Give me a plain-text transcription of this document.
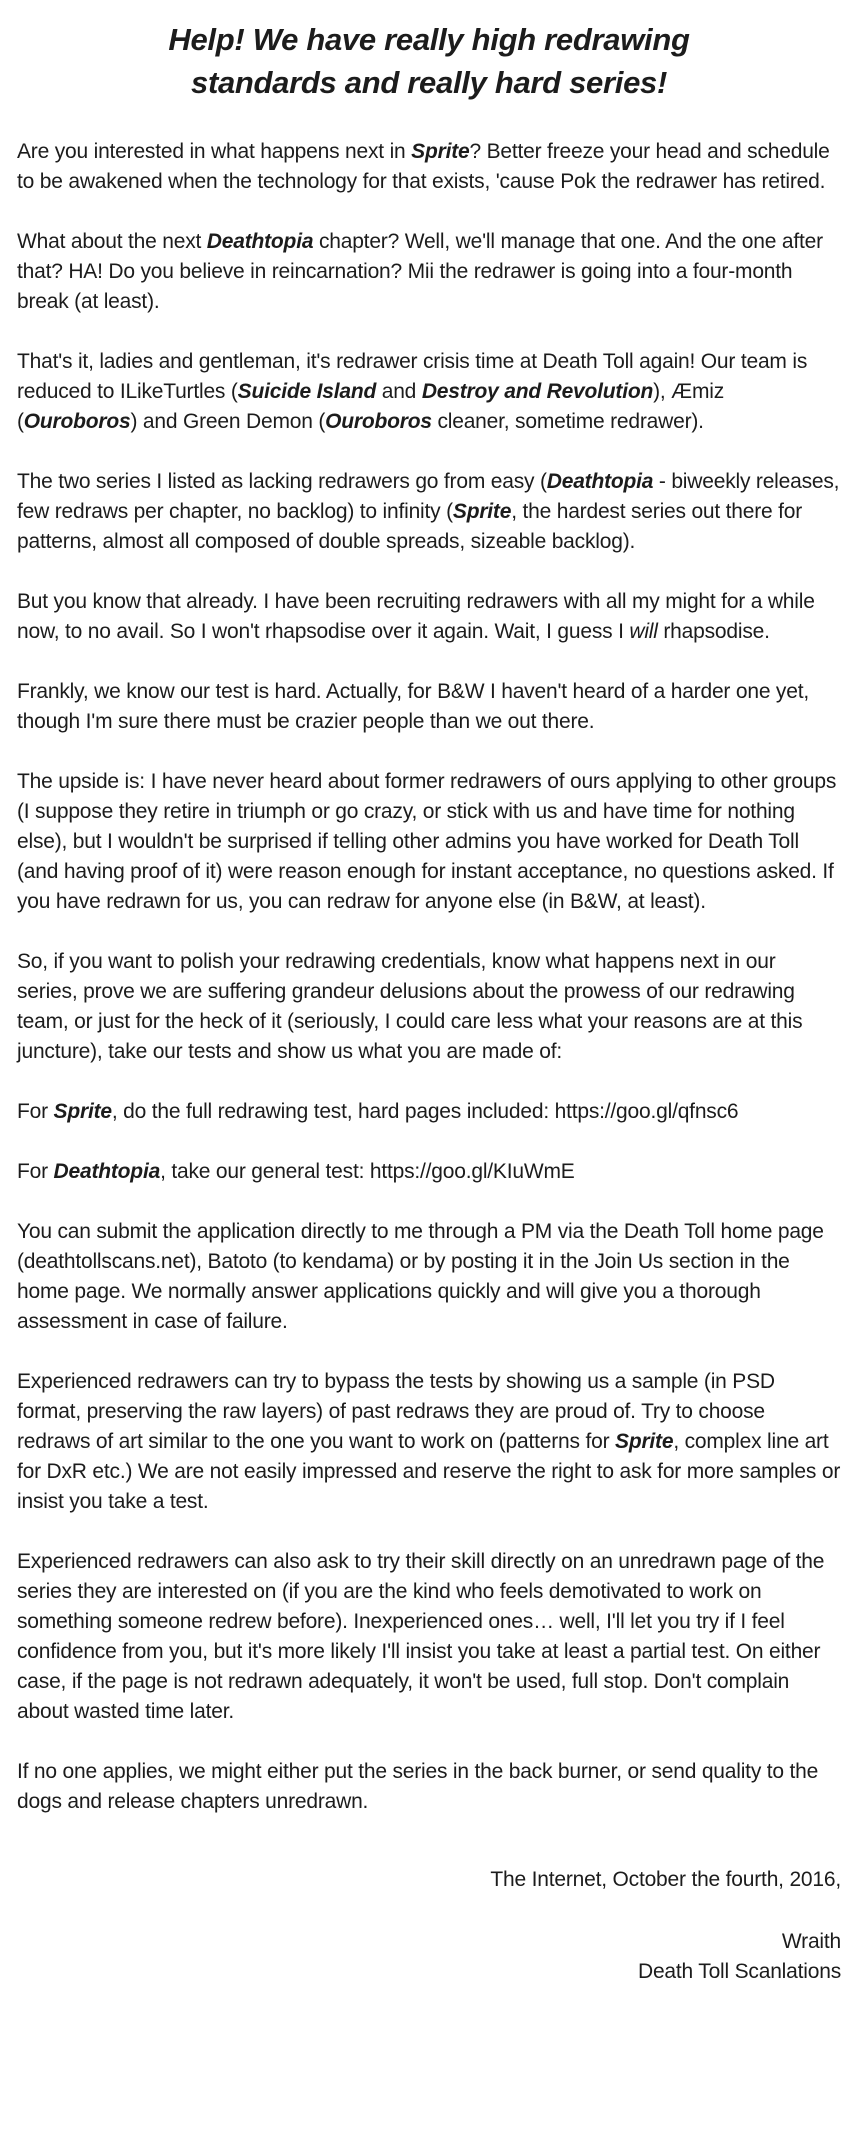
Help! We have really high redrawing
standards and really hard series!

Are you interested in what happens next in Sprite? Better freeze your head and schedule to be awakened when the technology for that exists, 'cause Pok the redrawer has retired.

What about the next Deathtopia chapter? Well, we'll manage that one. And the one after that? HA! Do you believe in reincarnation? Mii the redrawer is going into a four-month break (at least).

That's it, ladies and gentleman, it's redrawer crisis time at Death Toll again! Our team is reduced to ILikeTurtles (Suicide Island and Destroy and Revolution), Æmiz (Ouroboros) and Green Demon (Ouroboros cleaner, sometime redrawer).

The two series I listed as lacking redrawers go from easy (Deathtopia - biweekly releases, few redraws per chapter, no backlog) to infinity (Sprite, the hardest series out there for patterns, almost all composed of double spreads, sizeable backlog).

But you know that already. I have been recruiting redrawers with all my might for a while now, to no avail. So I won't rhapsodise over it again. Wait, I guess I will rhapsodise.

Frankly, we know our test is hard. Actually, for B&W I haven't heard of a harder one yet, though I'm sure there must be crazier people than we out there.

The upside is: I have never heard about former redrawers of ours applying to other groups (I suppose they retire in triumph or go crazy, or stick with us and have time for nothing else), but I wouldn't be surprised if telling other admins you have worked for Death Toll (and having proof of it) were reason enough for instant acceptance, no questions asked. If you have redrawn for us, you can redraw for anyone else (in B&W, at least).

So, if you want to polish your redrawing credentials, know what happens next in our series, prove we are suffering grandeur delusions about the prowess of our redrawing team, or just for the heck of it (seriously, I could care less what your reasons are at this juncture), take our tests and show us what you are made of:

For Sprite, do the full redrawing test, hard pages included: https://goo.gl/qfnsc6

For Deathtopia, take our general test: https://goo.gl/KIuWmE

You can submit the application directly to me through a PM via the Death Toll home page (deathtollscans.net), Batoto (to kendama) or by posting it in the Join Us section in the home page. We normally answer applications quickly and will give you a thorough assessment in case of failure.

Experienced redrawers can try to bypass the tests by showing us a sample (in PSD format, preserving the raw layers) of past redraws they are proud of. Try to choose redraws of art similar to the one you want to work on (patterns for Sprite, complex line art for DxR etc.) We are not easily impressed and reserve the right to ask for more samples or insist you take a test.

Experienced redrawers can also ask to try their skill directly on an unredrawn page of the series they are interested on (if you are the kind who feels demotivated to work on something someone redrew before). Inexperienced ones… well, I'll let you try if I feel confidence from you, but it's more likely I'll insist you take at least a partial test. On either case, if the page is not redrawn adequately, it won't be used, full stop. Don't complain about wasted time later.

If no one applies, we might either put the series in the back burner, or send quality to the dogs and release chapters unredrawn.

The Internet, October the fourth, 2016,

Wraith

Death Toll Scanlations
